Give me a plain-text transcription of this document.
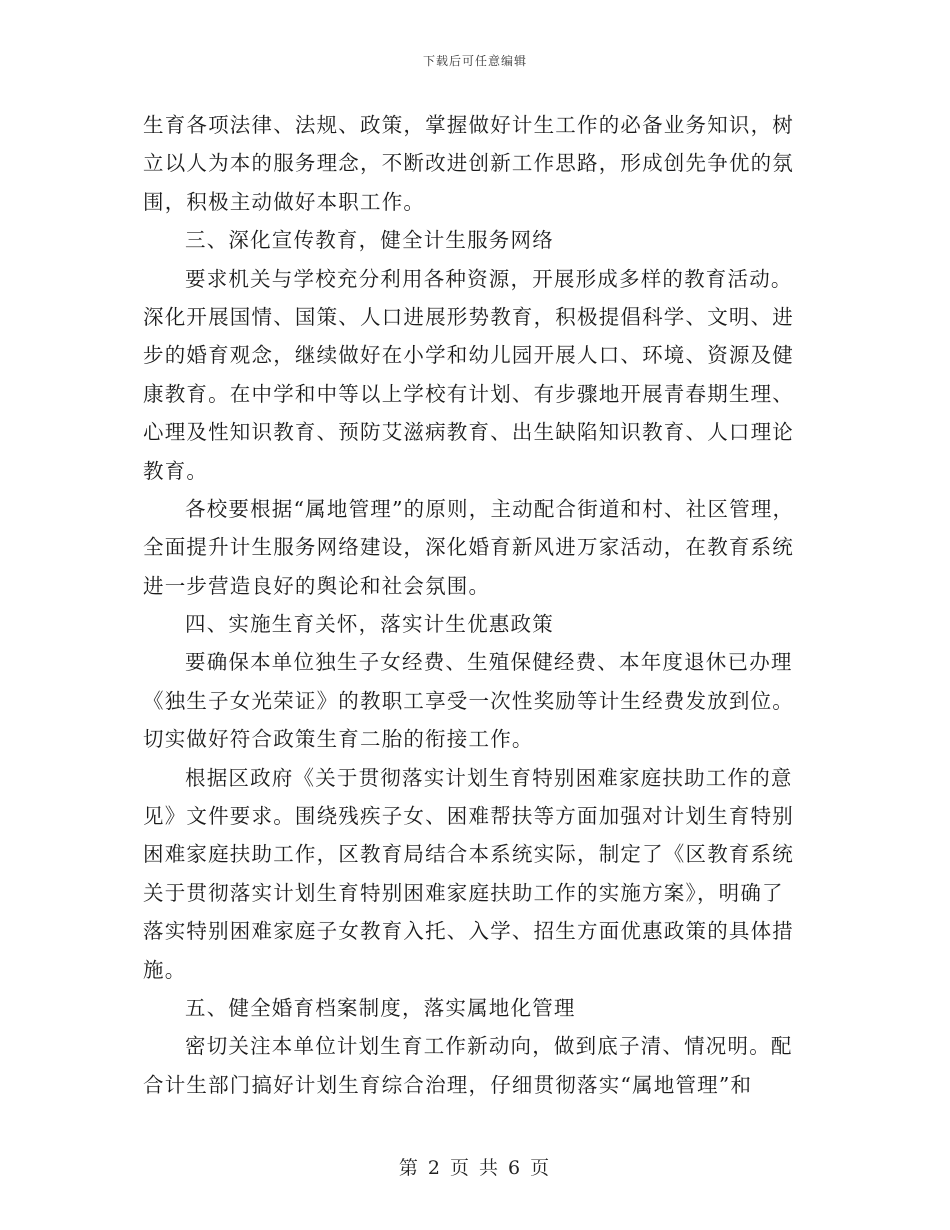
下载后可任意编辑
生育各项法律、法规、政策，掌握做好计生工作的必备业务知识，树
立以人为本的服务理念，不断改进创新工作思路，形成创先争优的氛
围，积极主动做好本职工作。
三、深化宣传教育，健全计生服务网络
要求机关与学校充分利用各种资源，开展形成多样的教育活动。
深化开展国情、国策、人口进展形势教育，积极提倡科学、文明、进
步的婚育观念，继续做好在小学和幼儿园开展人口、环境、资源及健
康教育。在中学和中等以上学校有计划、有步骤地开展青春期生理、
心理及性知识教育、预防艾滋病教育、出生缺陷知识教育、人口理论
教育。
各校要根据“属地管理”的原则，主动配合街道和村、社区管理，
全面提升计生服务网络建设，深化婚育新风进万家活动，在教育系统
进一步营造良好的舆论和社会氛围。
四、实施生育关怀，落实计生优惠政策
要确保本单位独生子女经费、生殖保健经费、本年度退休已办理
《独生子女光荣证》的教职工享受一次性奖励等计生经费发放到位。
切实做好符合政策生育二胎的衔接工作。
根据区政府《关于贯彻落实计划生育特别困难家庭扶助工作的意
见》文件要求。围绕残疾子女、困难帮扶等方面加强对计划生育特别
困难家庭扶助工作，区教育局结合本系统实际，制定了《区教育系统
关于贯彻落实计划生育特别困难家庭扶助工作的实施方案》，明确了
落实特别困难家庭子女教育入托、入学、招生方面优惠政策的具体措
施。
五、健全婚育档案制度，落实属地化管理
密切关注本单位计划生育工作新动向，做到底子清、情况明。配
合计生部门搞好计划生育综合治理，仔细贯彻落实“属地管理”和
第 2 页 共 6 页
